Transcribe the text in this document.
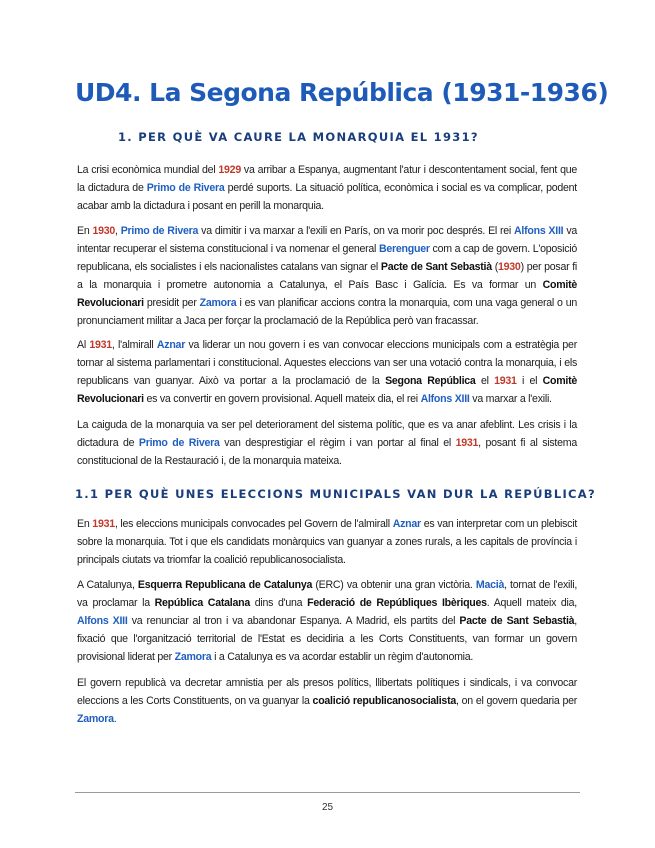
UD4. La Segona República (1931-1936)
1. PER QUÈ VA CAURE LA MONARQUIA EL 1931?

La crisi econòmica mundial del 1929 va arribar a Espanya, augmentant l'atur i descontentament social, fent que la dictadura de Primo de Rivera perdé suports. La situació política, econòmica i social es va complicar, podent acabar amb la dictadura i posant en perill la monarquia.

En 1930, Primo de Rivera va dimitir i va marxar a l'exili en París, on va morir poc després. El rei Alfons XIII va intentar recuperar el sistema constitucional i va nomenar el general Berenguer com a cap de govern. L'oposició republicana, els socialistes i els nacionalistes catalans van signar el Pacte de Sant Sebastià (1930) per posar fi a la monarquia i prometre autonomia a Catalunya, el País Basc i Galícia. Es va formar un Comitè Revolucionari presidit per Zamora i es van planificar accions contra la monarquia, com una vaga general o un pronunciament militar a Jaca per forçar la proclamació de la República però van fracassar.

Al 1931, l'almirall Aznar va liderar un nou govern i es van convocar eleccions municipals com a estratègia per tornar al sistema parlamentari i constitucional. Aquestes eleccions van ser una votació contra la monarquia, i els republicans van guanyar. Això va portar a la proclamació de la Segona República el 1931 i el Comitè Revolucionari es va convertir en govern provisional. Aquell mateix dia, el rei Alfons XIII va marxar a l'exili.

La caiguda de la monarquia va ser pel deteriorament del sistema polític, que es va anar afeblint. Les crisis i la dictadura de Primo de Rivera van desprestigiar el règim i van portar al final el 1931, posant fi al sistema constitucional de la Restauració i, de la monarquia mateixa.

1.1 PER QUÈ UNES ELECCIONS MUNICIPALS VAN DUR LA REPÚBLICA?

En 1931, les eleccions municipals convocades pel Govern de l'almirall Aznar es van interpretar com un plebiscit sobre la monarquia. Tot i que els candidats monàrquics van guanyar a zones rurals, a les capitals de província i principals ciutats va triomfar la coalició republicanosocialista.

A Catalunya, Esquerra Republicana de Catalunya (ERC) va obtenir una gran victòria. Macià, tornat de l'exili, va proclamar la República Catalana dins d'una Federació de Repúbliques Ibèriques. Aquell mateix dia, Alfons XIII va renunciar al tron i va abandonar Espanya. A Madrid, els partits del Pacte de Sant Sebastià, fixació que l'organització territorial de l'Estat es decidiria a les Corts Constituents, van formar un govern provisional liderat per Zamora i a Catalunya es va acordar establir un règim d'autonomia.

El govern republicà va decretar amnistia per als presos polítics, llibertats polítiques i sindicals, i va convocar eleccions a les Corts Constituents, on va guanyar la coalició republicanosocialista, on el govern quedaria per Zamora.

25
